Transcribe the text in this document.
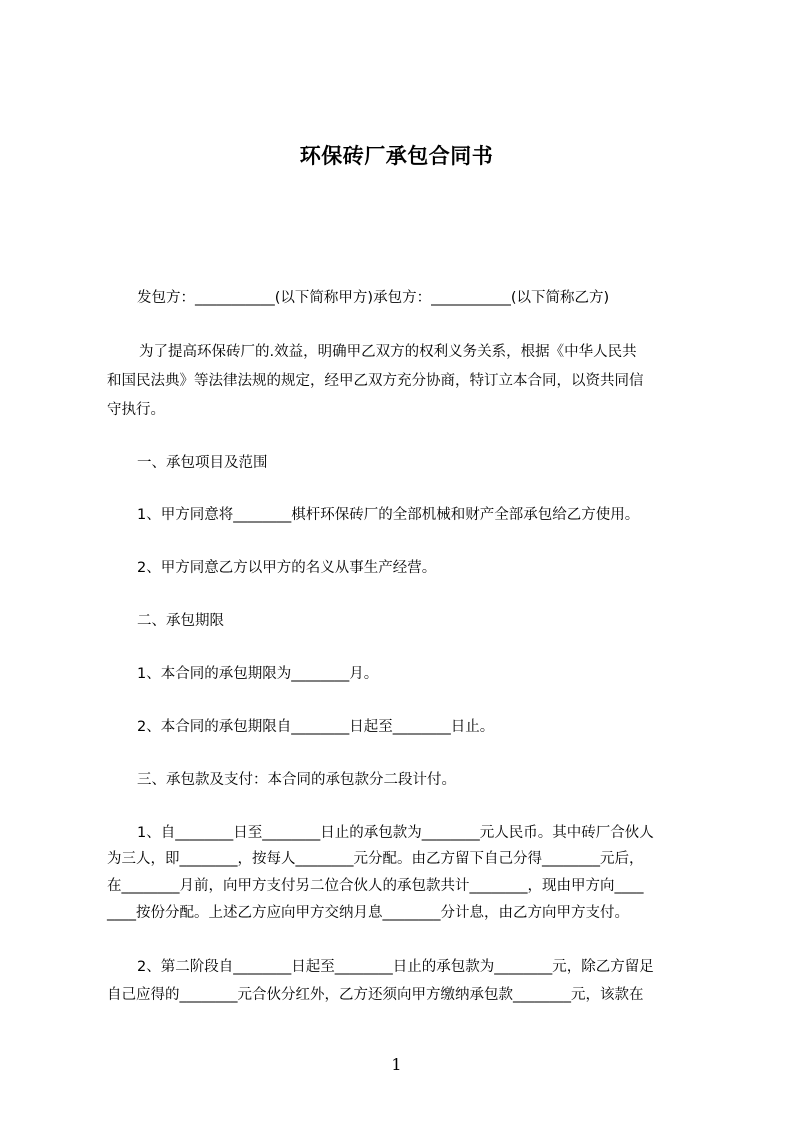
环保砖厂承包合同书
发包方：___________(以下简称甲方)承包方：___________(以下简称乙方)
为了提高环保砖厂的.效益，明确甲乙双方的权利义务关系，根据《中华人民共
和国民法典》等法律法规的规定，经甲乙双方充分协商，特订立本合同，以资共同信
守执行。
一、承包项目及范围
1、甲方同意将________棋杆环保砖厂的全部机械和财产全部承包给乙方使用。
2、甲方同意乙方以甲方的名义从事生产经营。
二、承包期限
1、本合同的承包期限为________月。
2、本合同的承包期限自________日起至________日止。
三、承包款及支付：本合同的承包款分二段计付。
1、自________日至________日止的承包款为________元人民币。其中砖厂合伙人
为三人，即________，按每人________元分配。由乙方留下自己分得________元后，
在________月前，向甲方支付另二位合伙人的承包款共计________，现由甲方向____
____按份分配。上述乙方应向甲方交纳月息________分计息，由乙方向甲方支付。
2、第二阶段自________日起至________日止的承包款为________元，除乙方留足
自己应得的________元合伙分红外，乙方还须向甲方缴纳承包款________元，该款在
1
